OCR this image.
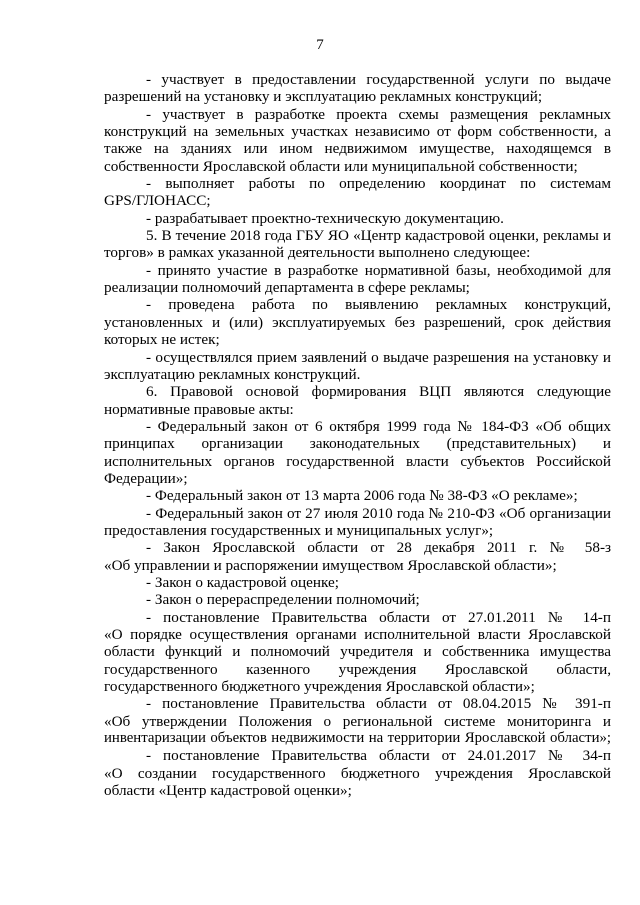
7
- участвует в предоставлении государственной услуги по выдаче
разрешений на установку и эксплуатацию рекламных конструкций;
- участвует в разработке проекта схемы размещения рекламных
конструкций на земельных участках независимо от форм собственности, а
также на зданиях или ином недвижимом имуществе, находящемся в
собственности Ярославской области или муниципальной собственности;
- выполняет работы по определению координат по системам
GPS/ГЛОНАСС;
- разрабатывает проектно-техническую документацию.
5. В течение 2018 года ГБУ ЯО «Центр кадастровой оценки, рекламы и
торгов» в рамках указанной деятельности выполнено следующее:
- принято участие в разработке нормативной базы, необходимой для
реализации полномочий департамента в сфере рекламы;
- проведена работа по выявлению рекламных конструкций,
установленных и (или) эксплуатируемых без разрешений, срок действия
которых не истек;
- осуществлялся прием заявлений о выдаче разрешения на установку и
эксплуатацию рекламных конструкций.
6. Правовой основой формирования ВЦП являются следующие
нормативные правовые акты:
- Федеральный закон от 6 октября 1999 года № 184-ФЗ «Об общих
принципах организации законодательных (представительных) и
исполнительных органов государственной власти субъектов Российской
Федерации»;
- Федеральный закон от 13 марта 2006 года № 38-ФЗ «О рекламе»;
- Федеральный закон от 27 июля 2010 года № 210-ФЗ «Об организации
предоставления государственных и муниципальных услуг»;
- Закон Ярославской области от 28 декабря 2011 г. № 58-з
«Об управлении и распоряжении имуществом Ярославской области»;
- Закон о кадастровой оценке;
- Закон о перераспределении полномочий;
- постановление Правительства области от 27.01.2011 № 14-п
«О порядке осуществления органами исполнительной власти Ярославской
области функций и полномочий учредителя и собственника имущества
государственного казенного учреждения Ярославской области,
государственного бюджетного учреждения Ярославской области»;
- постановление Правительства области от 08.04.2015 № 391-п
«Об утверждении Положения о региональной системе мониторинга и
инвентаризации объектов недвижимости на территории Ярославской области»;
- постановление Правительства области от 24.01.2017 № 34-п
«О создании государственного бюджетного учреждения Ярославской
области «Центр кадастровой оценки»;
